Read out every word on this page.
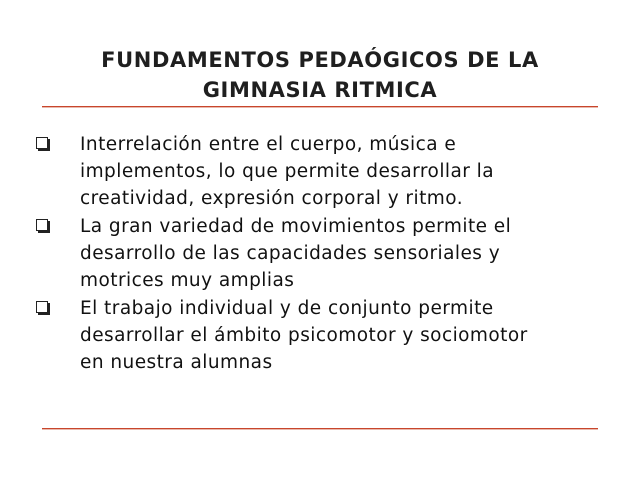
FUNDAMENTOS PEDAÓGICOS DE LA
GIMNASIA RITMICA
Interrelación entre el cuerpo, música e
implementos, lo que permite desarrollar la
creatividad, expresión corporal y ritmo.
La gran variedad de movimientos permite el
desarrollo de las capacidades sensoriales y
motrices muy amplias
El trabajo individual y de conjunto permite
desarrollar el ámbito psicomotor y sociomotor
en nuestra alumnas
